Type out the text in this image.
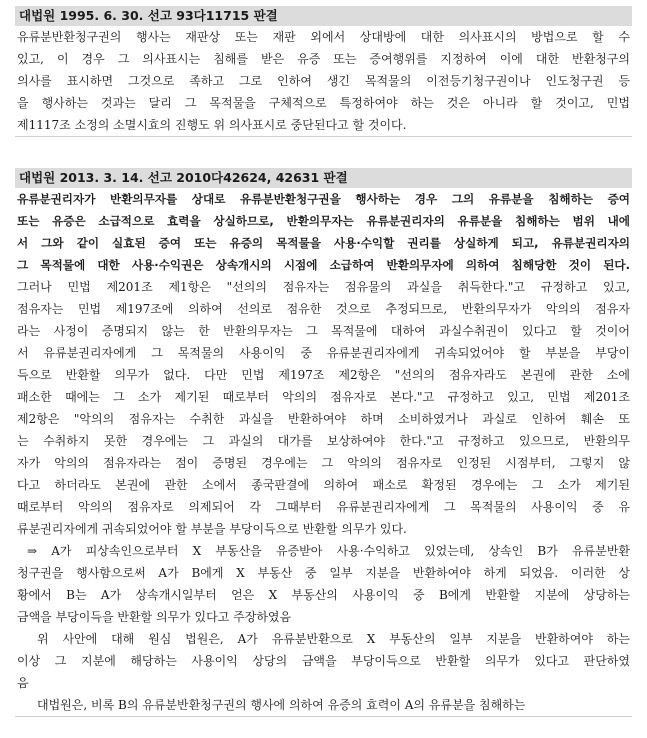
대법원 1995. 6. 30. 선고 93다11715 판결
유류분반환청구권의 행사는 재판상 또는 재판 외에서 상대방에 대한 의사표시의 방법으로 할 수
있고, 이 경우 그 의사표시는 침해를 받은 유증 또는 증여행위를 지정하여 이에 대한 반환청구의
의사를 표시하면 그것으로 족하고 그로 인하여 생긴 목적물의 이전등기청구권이나 인도청구권 등
을 행사하는 것과는 달리 그 목적물을 구체적으로 특정하여야 하는 것은 아니라 할 것이고, 민법
제1117조 소정의 소멸시효의 진행도 위 의사표시로 중단된다고 할 것이다.
대법원 2013. 3. 14. 선고 2010다42624, 42631 판결
유류분권리자가 반환의무자를 상대로 유류분반환청구권을 행사하는 경우 그의 유류분을 침해하는 증여
또는 유증은 소급적으로 효력을 상실하므로, 반환의무자는 유류분권리자의 유류분을 침해하는 범위 내에
서 그와 같이 실효된 증여 또는 유증의 목적물을 사용·수익할 권리를 상실하게 되고, 유류분권리자의
그 목적물에 대한 사용·수익권은 상속개시의 시점에 소급하여 반환의무자에 의하여 침해당한 것이 된다.
그러나 민법 제201조 제1항은 "선의의 점유자는 점유물의 과실을 취득한다."고 규정하고 있고,
점유자는 민법 제197조에 의하여 선의로 점유한 것으로 추정되므로, 반환의무자가 악의의 점유자
라는 사정이 증명되지 않는 한 반환의무자는 그 목적물에 대하여 과실수취권이 있다고 할 것이어
서 유류분권리자에게 그 목적물의 사용이익 중 유류분권리자에게 귀속되었어야 할 부분을 부당이
득으로 반환할 의무가 없다. 다만 민법 제197조 제2항은 "선의의 점유자라도 본권에 관한 소에
패소한 때에는 그 소가 제기된 때로부터 악의의 점유자로 본다."고 규정하고 있고, 민법 제201조
제2항은 "악의의 점유자는 수취한 과실을 반환하여야 하며 소비하였거나 과실로 인하여 훼손 또
는 수취하지 못한 경우에는 그 과실의 대가를 보상하여야 한다."고 규정하고 있으므로, 반환의무
자가 악의의 점유자라는 점이 증명된 경우에는 그 악의의 점유자로 인정된 시점부터, 그렇지 않
다고 하더라도 본권에 관한 소에서 종국판결에 의하여 패소로 확정된 경우에는 그 소가 제기된
때로부터 악의의 점유자로 의제되어 각 그때부터 유류분권리자에게 그 목적물의 사용이익 중 유
류분권리자에게 귀속되었어야 할 부분을 부당이득으로 반환할 의무가 있다.
⇒ A가 피상속인으로부터 X 부동산을 유증받아 사용·수익하고 있었는데, 상속인 B가 유류분반환
청구권을 행사함으로써 A가 B에게 X 부동산 중 일부 지분을 반환하여야 하게 되었음. 이러한 상
황에서 B는 A가 상속개시일부터 얻은 X 부동산의 사용이익 중 B에게 반환할 지분에 상당하는
금액을 부당이득을 반환할 의무가 있다고 주장하였음
위 사안에 대해 원심 법원은, A가 유류분반환으로 X 부동산의 일부 지분을 반환하여야 하는
이상 그 지분에 해당하는 사용이익 상당의 금액을 부당이득으로 반환할 의무가 있다고 판단하였
음
대법원은, 비록 B의 유류분반환청구권의 행사에 의하여 유증의 효력이 A의 유류분을 침해하는
